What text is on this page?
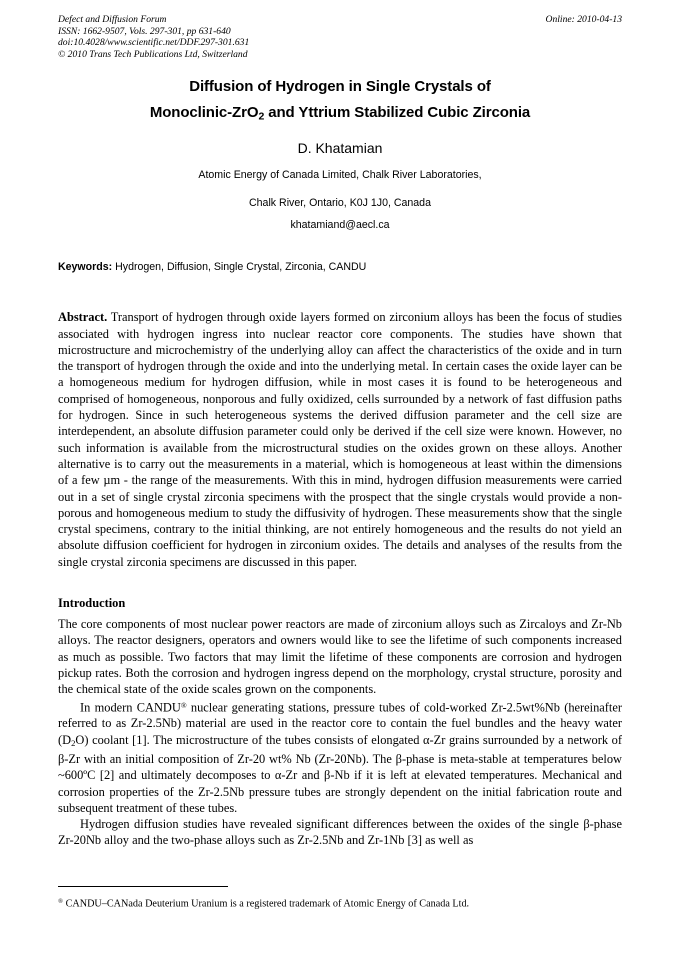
Defect and Diffusion Forum	Online: 2010-04-13
ISSN: 1662-9507, Vols. 297-301, pp 631-640
doi:10.4028/www.scientific.net/DDF.297-301.631
© 2010 Trans Tech Publications Ltd, Switzerland
Diffusion of Hydrogen in Single Crystals of
Monoclinic-ZrO$_2$ and Yttrium Stabilized Cubic Zirconia
D. Khatamian
Atomic Energy of Canada Limited, Chalk River Laboratories,
Chalk River, Ontario, K0J 1J0, Canada
khatamiand@aecl.ca
Keywords: Hydrogen, Diffusion, Single Crystal, Zirconia, CANDU
Abstract. Transport of hydrogen through oxide layers formed on zirconium alloys has been the focus of studies associated with hydrogen ingress into nuclear reactor core components. The studies have shown that microstructure and microchemistry of the underlying alloy can affect the characteristics of the oxide and in turn the transport of hydrogen through the oxide and into the underlying metal. In certain cases the oxide layer can be a homogeneous medium for hydrogen diffusion, while in most cases it is found to be heterogeneous and comprised of homogeneous, nonporous and fully oxidized, cells surrounded by a network of fast diffusion paths for hydrogen. Since in such heterogeneous systems the derived diffusion parameter and the cell size are interdependent, an absolute diffusion parameter could only be derived if the cell size were known. However, no such information is available from the microstructural studies on the oxides grown on these alloys. Another alternative is to carry out the measurements in a material, which is homogeneous at least within the dimensions of a few µm - the range of the measurements. With this in mind, hydrogen diffusion measurements were carried out in a set of single crystal zirconia specimens with the prospect that the single crystals would provide a non-porous and homogeneous medium to study the diffusivity of hydrogen. These measurements show that the single crystal specimens, contrary to the initial thinking, are not entirely homogeneous and the results do not yield an absolute diffusion coefficient for hydrogen in zirconium oxides. The details and analyses of the results from the single crystal zirconia specimens are discussed in this paper.
Introduction
The core components of most nuclear power reactors are made of zirconium alloys such as Zircaloys and Zr-Nb alloys. The reactor designers, operators and owners would like to see the lifetime of such components increased as much as possible. Two factors that may limit the lifetime of these components are corrosion and hydrogen pickup rates. Both the corrosion and hydrogen ingress depend on the morphology, crystal structure, porosity and the chemical state of the oxide scales grown on the components.
In modern CANDU® nuclear generating stations, pressure tubes of cold-worked Zr-2.5wt%Nb (hereinafter referred to as Zr-2.5Nb) material are used in the reactor core to contain the fuel bundles and the heavy water $(D_2O)$ coolant [1]. The microstructure of the tubes consists of elongated α-Zr grains surrounded by a network of β-Zr with an initial composition of Zr-20 wt% Nb (Zr-20Nb). The β-phase is meta-stable at temperatures below ~600ºC [2] and ultimately decomposes to α-Zr and β-Nb if it is left at elevated temperatures. Mechanical and corrosion properties of the Zr-2.5Nb pressure tubes are strongly dependent on the initial fabrication route and subsequent treatment of these tubes.
Hydrogen diffusion studies have revealed significant differences between the oxides of the single β-phase Zr-20Nb alloy and the two-phase alloys such as Zr-2.5Nb and Zr-1Nb [3] as well as
® CANDU–CANada Deuterium Uranium is a registered trademark of Atomic Energy of Canada Ltd.
